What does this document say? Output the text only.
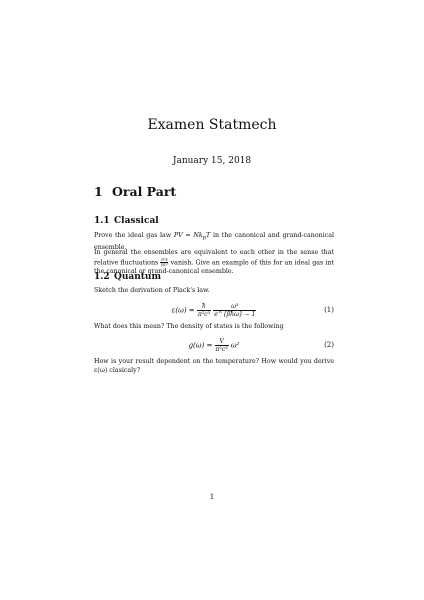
Examen Statmech
January 15, 2018
1 Oral Part
1.1 Classical
Prove the ideal gas law PV = $Nk_BT$ in the canonical and grand-canonical ensemble.
In general the ensembles are equivalent to each other in the sense that relative fluctuations $\frac{\text{σ²ε}}{\text{⟨E⟩²}}$ vanish. Give an example of this for an ideal gas int the canonical or grand-canonical ensemble.
1.2 Quantum
Sketch the derivation of Plack's law.
$\varepsilon(\omega) = \frac{ħ}{\text{π²c³}}$
$\frac{\text{ω³}}{\text{e\textasciicircum{}\{βħω\} − 1}}$	(1)
What does this mean? The density of states is the following
$g(\omega) = \frac{V}{\text{π²c³}} \omega^2$	(2)
How is your result dependent on the temperature? How would you derive ε(ω) clasicaly?
1
